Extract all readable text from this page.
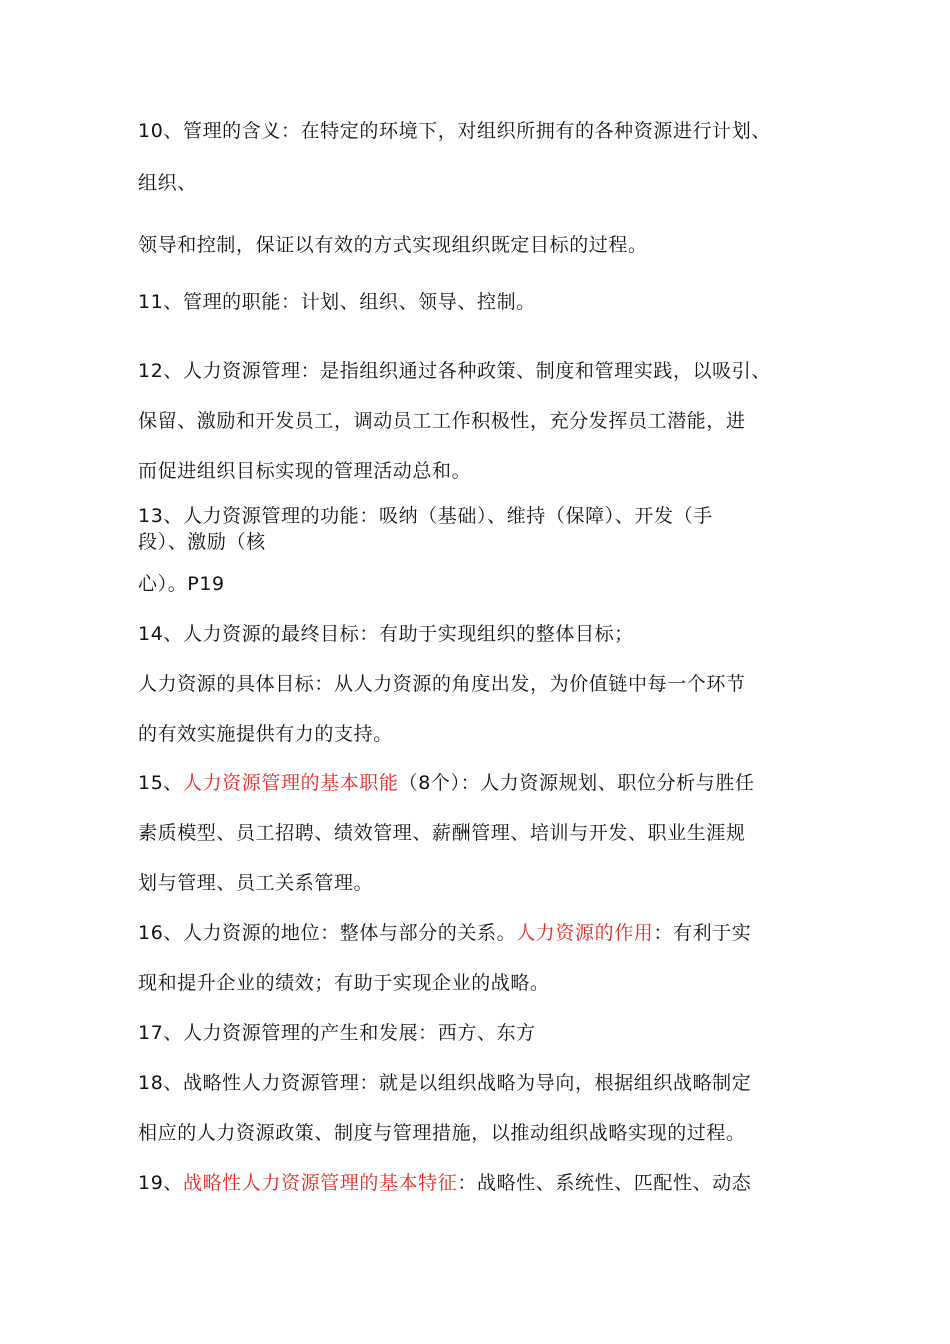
10、管理的含义：在特定的环境下，对组织所拥有的各种资源进行计划、
组织、
领导和控制，保证以有效的方式实现组织既定目标的过程。
11、管理的职能：计划、组织、领导、控制。
12、人力资源管理：是指组织通过各种政策、制度和管理实践，以吸引、
保留、激励和开发员工，调动员工工作积极性，充分发挥员工潜能，进
而促进组织目标实现的管理活动总和。
13、人力资源管理的功能：吸纳（基础）、维持（保障）、开发（手
段）、激励（核
心）。P19
14、人力资源的最终目标：有助于实现组织的整体目标；
人力资源的具体目标：从人力资源的角度出发，为价值链中每一个环节
的有效实施提供有力的支持。
15、人力资源管理的基本职能（8个）：人力资源规划、职位分析与胜任
素质模型、员工招聘、绩效管理、薪酬管理、培训与开发、职业生涯规
划与管理、员工关系管理。
16、人力资源的地位：整体与部分的关系。人力资源的作用：有利于实
现和提升企业的绩效；有助于实现企业的战略。
17、人力资源管理的产生和发展：西方、东方
18、战略性人力资源管理：就是以组织战略为导向，根据组织战略制定
相应的人力资源政策、制度与管理措施，以推动组织战略实现的过程。
19、战略性人力资源管理的基本特征：战略性、系统性、匹配性、动态
